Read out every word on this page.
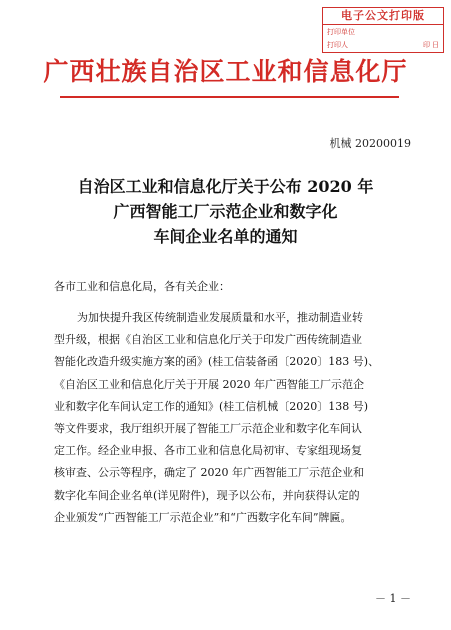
电子公文打印版
打印单位
打印人	印 日
广西壮族自治区工业和信息化厅
机械 20200019
自治区工业和信息化厅关于公布 2020 年
广西智能工厂示范企业和数字化
车间企业名单的通知
各市工业和信息化局，各有关企业：
为加快提升我区传统制造业发展质量和水平，推动制造业转
型升级，根据《自治区工业和信息化厅关于印发广西传统制造业
智能化改造升级实施方案的函》(桂工信装备函〔2020〕183 号)、
《自治区工业和信息化厅关于开展 2020 年广西智能工厂示范企
业和数字化车间认定工作的通知》(桂工信机械〔2020〕138 号)
等文件要求，我厅组织开展了智能工厂示范企业和数字化车间认
定工作。经企业申报、各市工业和信息化局初审、专家组现场复
核审查、公示等程序，确定了 2020 年广西智能工厂示范企业和
数字化车间企业名单(详见附件)，现予以公布，并向获得认定的
企业颁发“广西智能工厂示范企业”和“广西数字化车间”牌匾。
－ 1 －
